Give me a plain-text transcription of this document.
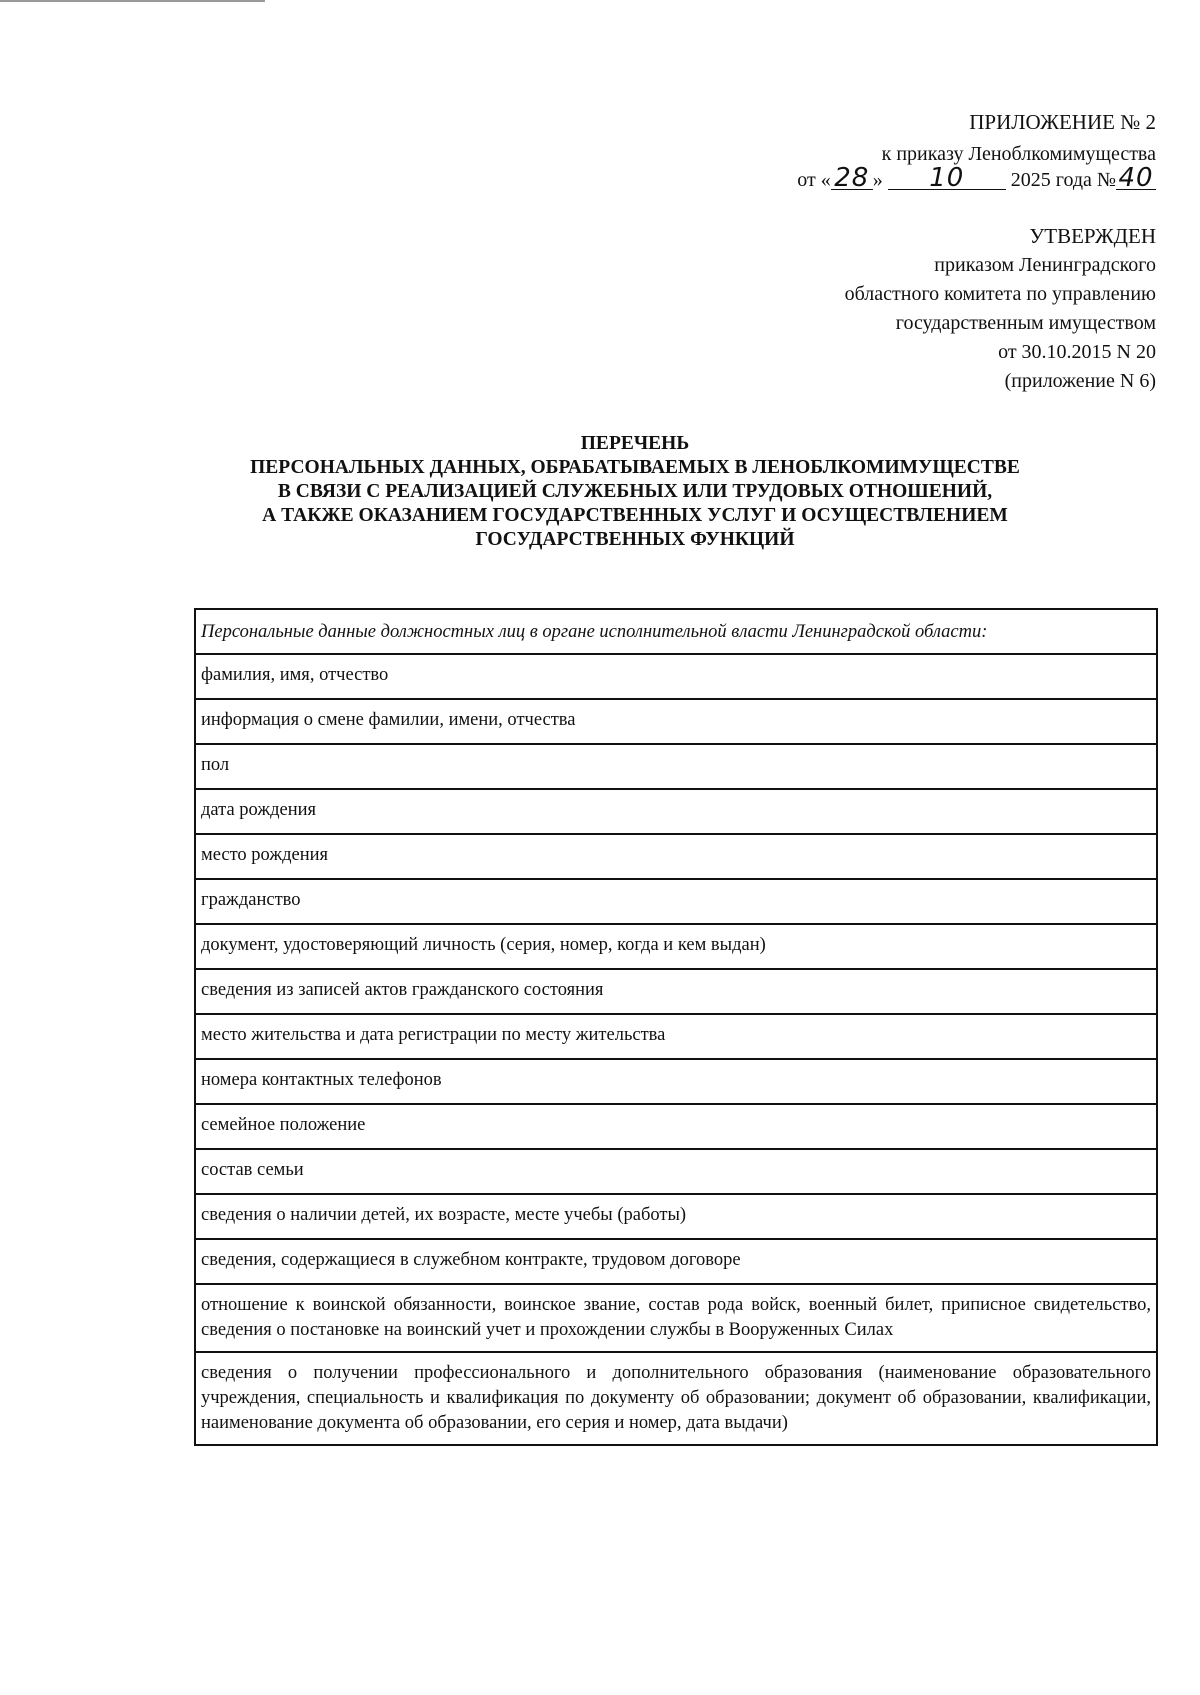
ПРИЛОЖЕНИЕ № 2
к приказу Леноблкомимущества
от « 28 » 10 2025 года №40
УТВЕРЖДЕН
приказом Ленинградского
областного комитета по управлению
государственным имуществом
от 30.10.2015 N 20
(приложение N 6)
ПЕРЕЧЕНЬ
ПЕРСОНАЛЬНЫХ ДАННЫХ, ОБРАБАТЫВАЕМЫХ В ЛЕНОБЛКОМИМУЩЕСТВЕ
В СВЯЗИ С РЕАЛИЗАЦИЕЙ СЛУЖЕБНЫХ ИЛИ ТРУДОВЫХ ОТНОШЕНИЙ,
А ТАКЖЕ ОКАЗАНИЕМ ГОСУДАРСТВЕННЫХ УСЛУГ И ОСУЩЕСТВЛЕНИЕМ
ГОСУДАРСТВЕННЫХ ФУНКЦИЙ
Персональные данные должностных лиц в органе исполнительной власти Ленинградской области:
фамилия, имя, отчество
информация о смене фамилии, имени, отчества
пол
дата рождения
место рождения
гражданство
документ, удостоверяющий личность (серия, номер, когда и кем выдан)
сведения из записей актов гражданского состояния
место жительства и дата регистрации по месту жительства
номера контактных телефонов
семейное положение
состав семьи
сведения о наличии детей, их возрасте, месте учебы (работы)
сведения, содержащиеся в служебном контракте, трудовом договоре
отношение к воинской обязанности, воинское звание, состав рода войск, военный билет, приписное свидетельство, сведения о постановке на воинский учет и прохождении службы в Вооруженных Силах
сведения о получении профессионального и дополнительного образования (наименование образовательного учреждения, специальность и квалификация по документу об образовании; документ об образовании, квалификации, наименование документа об образовании, его серия и номер, дата выдачи)
